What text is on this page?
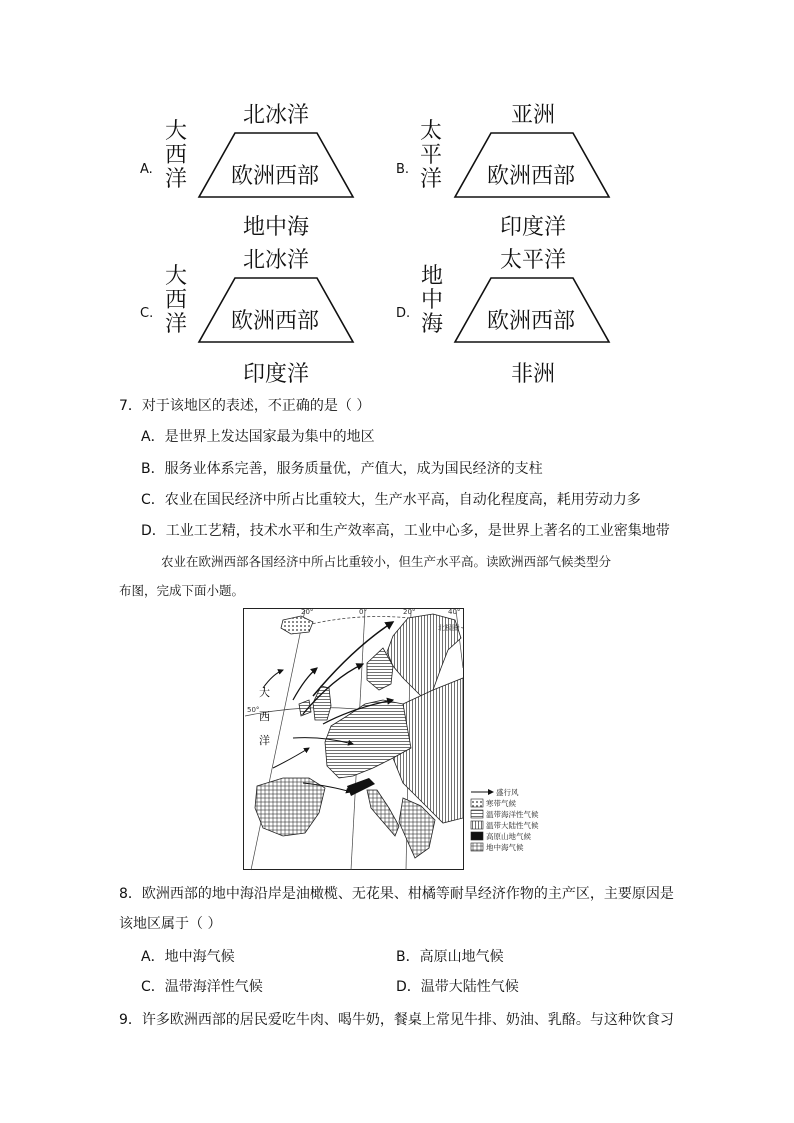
A.
北冰洋
大西洋 欧洲西部
地中海
B.
亚洲
太平洋 欧洲西部
印度洋
C.
北冰洋
大西洋 欧洲西部
印度洋
D.
太平洋
地中海 欧洲西部
非洲
7．对于该地区的表述，不正确的是（ ）
A．是世界上发达国家最为集中的地区
B．服务业体系完善，服务质量优，产值大，成为国民经济的支柱
C．农业在国民经济中所占比重较大，生产水平高，自动化程度高，耗用劳动力多
D．工业工艺精，技术水平和生产效率高，工业中心多，是世界上著名的工业密集地带
农业在欧洲西部各国经济中所占比重较小，但生产水平高。读欧洲西部气候类型分
布图，完成下面小题。
20°	0°	20°	40°
50°
北极圈
大
西
洋
盛行风
寒带气候
温带海洋性气候
温带大陆性气候
高原山地气候
地中海气候
8．欧洲西部的地中海沿岸是油橄榄、无花果、柑橘等耐旱经济作物的主产区，主要原因是
该地区属于（ ）
A．地中海气候	B．高原山地气候
C．温带海洋性气候	D．温带大陆性气候
9．许多欧洲西部的居民爱吃牛肉、喝牛奶，餐桌上常见牛排、奶油、乳酪。与这种饮食习
